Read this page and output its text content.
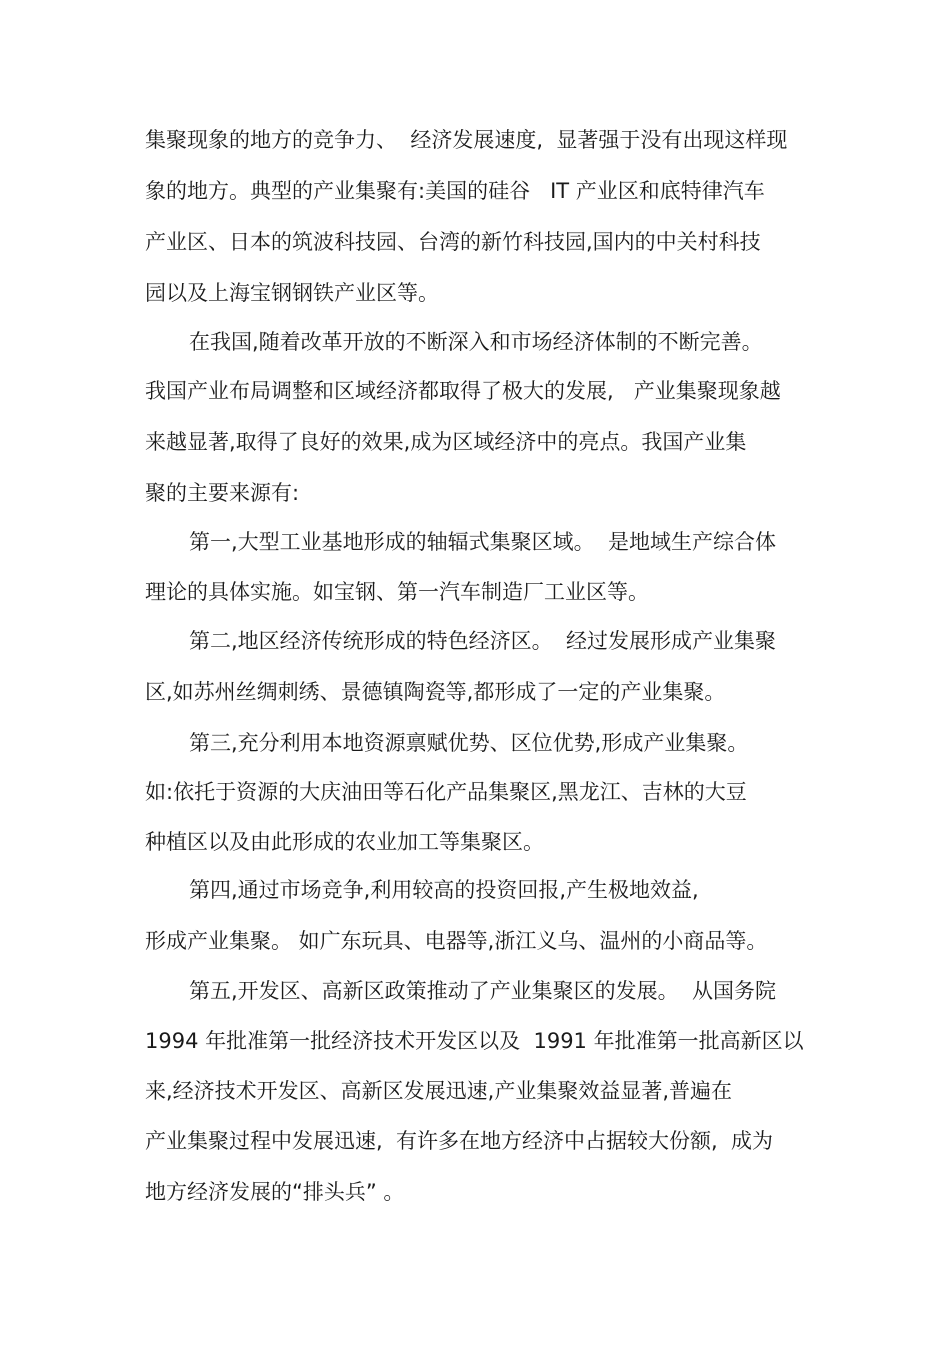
集聚现象的地方的竞争力、  经济发展速度,  显著强于没有出现这样现

象的地方。典型的产业集聚有:美国的硅谷   IT 产业区和底特律汽车

产业区、日本的筑波科技园、台湾的新竹科技园,国内的中关村科技

园以及上海宝钢钢铁产业区等。

在我国,随着改革开放的不断深入和市场经济体制的不断完善。

我国产业布局调整和区域经济都取得了极大的发展,   产业集聚现象越

来越显著,取得了良好的效果,成为区域经济中的亮点。我国产业集

聚的主要来源有:

第一,大型工业基地形成的轴辐式集聚区域。  是地域生产综合体

理论的具体实施。如宝钢、第一汽车制造厂工业区等。

第二,地区经济传统形成的特色经济区。  经过发展形成产业集聚

区,如苏州丝绸刺绣、景德镇陶瓷等,都形成了一定的产业集聚。

第三,充分利用本地资源禀赋优势、区位优势,形成产业集聚。

如:依托于资源的大庆油田等石化产品集聚区,黑龙江、吉林的大豆

种植区以及由此形成的农业加工等集聚区。

第四,通过市场竞争,利用较高的投资回报,产生极地效益,

形成产业集聚。 如广东玩具、电器等,浙江义乌、温州的小商品等。

第五,开发区、高新区政策推动了产业集聚区的发展。  从国务院

1994 年批准第一批经济技术开发区以及  1991 年批准第一批高新区以

来,经济技术开发区、高新区发展迅速,产业集聚效益显著,普遍在

产业集聚过程中发展迅速,  有许多在地方经济中占据较大份额,  成为

地方经济发展的“排头兵” 。
